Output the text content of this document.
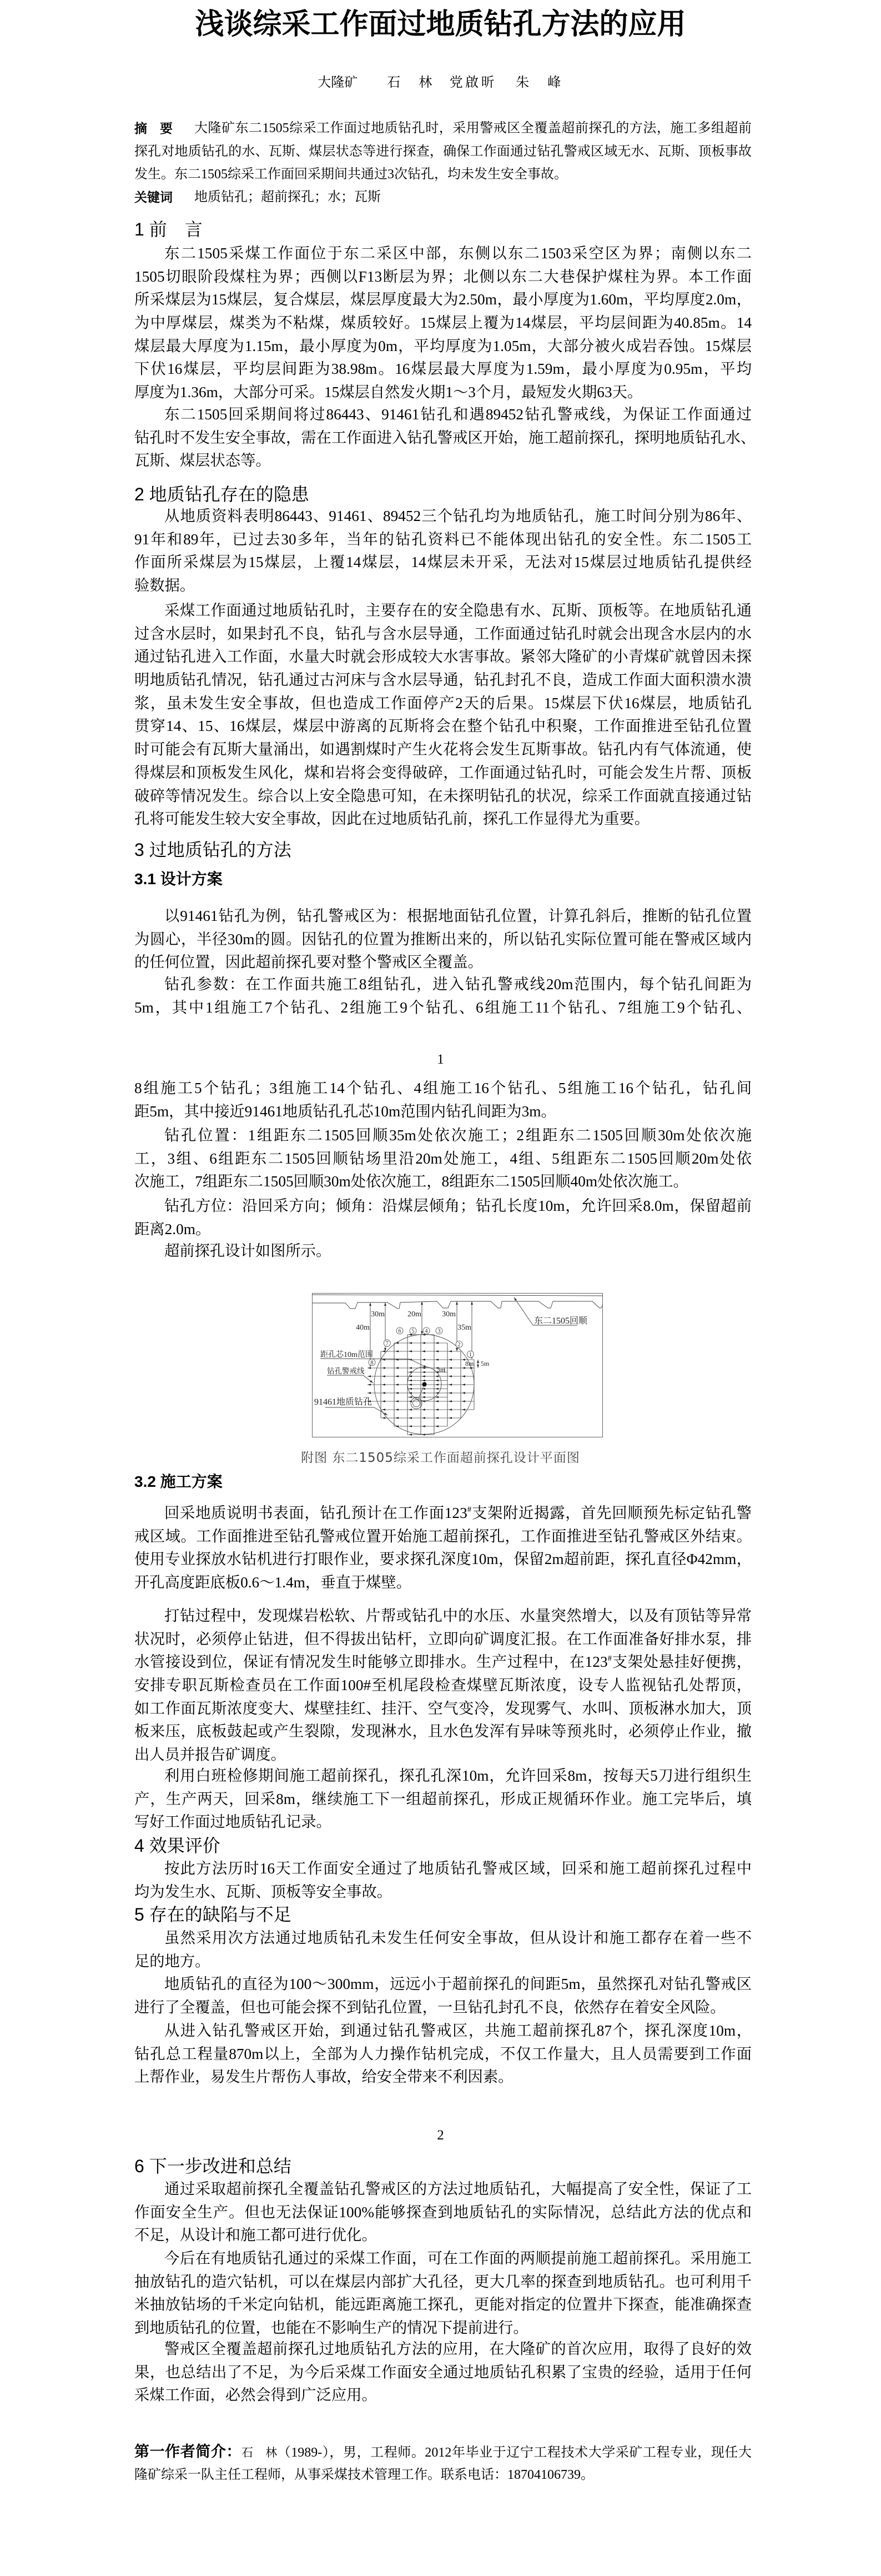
浅谈综采工作面过地质钻孔方法的应用
大隆矿 石　林 党啟昕 朱　峰
摘　要	大隆矿东二1505综采工作面过地质钻孔时，采用警戒区全覆盖超前探孔的方法，施工多组超前
探孔对地质钻孔的水、瓦斯、煤层状态等进行探查，确保工作面通过钻孔警戒区域无水、瓦斯、顶板事故
发生。东二1505综采工作面回采期间共通过3次钻孔，均未发生安全事故。
关键词	地质钻孔；超前探孔；水；瓦斯
1 前　言
东二1505采煤工作面位于东二采区中部，东侧以东二1503采空区为界；南侧以东二
1505切眼阶段煤柱为界；西侧以F13断层为界；北侧以东二大巷保护煤柱为界。本工作面
所采煤层为15煤层，复合煤层，煤层厚度最大为2.50m，最小厚度为1.60m，平均厚度2.0m，
为中厚煤层，煤类为不粘煤，煤质较好。15煤层上覆为14煤层，平均层间距为40.85m。14
煤层最大厚度为1.15m，最小厚度为0m，平均厚度为1.05m，大部分被火成岩吞蚀。15煤层
下伏16煤层，平均层间距为38.98m。16煤层最大厚度为1.59m，最小厚度为0.95m，平均
厚度为1.36m，大部分可采。15煤层自然发火期1～3个月，最短发火期63天。
东二1505回采期间将过86443、91461钻孔和遇89452钻孔警戒线，为保证工作面通过
钻孔时不发生安全事故，需在工作面进入钻孔警戒区开始，施工超前探孔，探明地质钻孔水、
瓦斯、煤层状态等。
2 地质钻孔存在的隐患
从地质资料表明86443、91461、89452三个钻孔均为地质钻孔，施工时间分别为86年、
91年和89年，已过去30多年，当年的钻孔资料已不能体现出钻孔的安全性。东二1505工
作面所采煤层为15煤层，上覆14煤层，14煤层未开采，无法对15煤层过地质钻孔提供经
验数据。
采煤工作面通过地质钻孔时，主要存在的安全隐患有水、瓦斯、顶板等。在地质钻孔通
过含水层时，如果封孔不良，钻孔与含水层导通，工作面通过钻孔时就会出现含水层内的水
通过钻孔进入工作面，水量大时就会形成较大水害事故。紧邻大隆矿的小青煤矿就曾因未探
明地质钻孔情况，钻孔通过古河床与含水层导通，钻孔封孔不良，造成工作面大面积溃水溃
浆，虽未发生安全事故，但也造成工作面停产2天的后果。15煤层下伏16煤层，地质钻孔
贯穿14、15、16煤层，煤层中游离的瓦斯将会在整个钻孔中积聚，工作面推进至钻孔位置
时可能会有瓦斯大量涌出，如遇割煤时产生火花将会发生瓦斯事故。钻孔内有气体流通，使
得煤层和顶板发生风化，煤和岩将会变得破碎，工作面通过钻孔时，可能会发生片帮、顶板
破碎等情况发生。综合以上安全隐患可知，在未探明钻孔的状况，综采工作面就直接通过钻
孔将可能发生较大安全事故，因此在过地质钻孔前，探孔工作显得尤为重要。
3 过地质钻孔的方法
3.1 设计方案
以91461钻孔为例，钻孔警戒区为：根据地面钻孔位置，计算孔斜后，推断的钻孔位置
为圆心，半径30m的圆。因钻孔的位置为推断出来的，所以钻孔实际位置可能在警戒区域内
的任何位置，因此超前探孔要对整个警戒区全覆盖。
钻孔参数：在工作面共施工8组钻孔，进入钻孔警戒线20m范围内，每个钻孔间距为
5m，其中1组施工7个钻孔、2组施工9个钻孔、6组施工11个钻孔、7组施工9个钻孔、
1
8组施工5个钻孔；3组施工14个钻孔、4组施工16个钻孔、5组施工16个钻孔，钻孔间
距5m，其中接近91461地质钻孔孔芯10m范围内钻孔间距为3m。
钻孔位置：1组距东二1505回顺35m处依次施工；2组距东二1505回顺30m处依次施
工，3组、6组距东二1505回顺钻场里沿20m处施工，4组、5组距东二1505回顺20m处依
次施工，7组距东二1505回顺30m处依次施工，8组距东二1505回顺40m处依次施工。
钻孔方位：沿回采方向；倾角：沿煤层倾角；钻孔长度10m，允许回采8.0m，保留超前
距离2.0m。
超前探孔设计如图所示。
40m
30m	20m	30m
35m
8m 5m
3m
东二1505回顺
距孔芯10m范围
钻孔警戒线
91461地质钻孔
1
2
3
4
5
6
7
8
附图 东二1505综采工作面超前探孔设计平面图
3.2 施工方案
回采地质说明书表面，钻孔预计在工作面123#支架附近揭露，首先回顺预先标定钻孔警
戒区域。工作面推进至钻孔警戒位置开始施工超前探孔，工作面推进至钻孔警戒区外结束。
使用专业探放水钻机进行打眼作业，要求探孔深度10m，保留2m超前距，探孔直径Φ42mm，
开孔高度距底板0.6～1.4m，垂直于煤壁。
打钻过程中，发现煤岩松软、片帮或钻孔中的水压、水量突然增大，以及有顶钻等异常
状况时，必须停止钻进，但不得拔出钻杆，立即向矿调度汇报。在工作面准备好排水泵，排
水管接设到位，保证有情况发生时能够立即排水。生产过程中，在123#支架处悬挂好便携，
安排专职瓦斯检查员在工作面100#至机尾段检查煤壁瓦斯浓度，设专人监视钻孔处帮顶，
如工作面瓦斯浓度变大、煤壁挂红、挂汗、空气变冷，发现雾气、水叫、顶板淋水加大，顶
板来压，底板鼓起或产生裂隙，发现淋水，且水色发浑有异味等预兆时，必须停止作业，撤
出人员并报告矿调度。
利用白班检修期间施工超前探孔，探孔孔深10m，允许回采8m，按每天5刀进行组织生
产，生产两天，回采8m，继续施工下一组超前探孔，形成正规循环作业。施工完毕后，填
写好工作面过地质钻孔记录。
4 效果评价
按此方法历时16天工作面安全通过了地质钻孔警戒区域，回采和施工超前探孔过程中
均为发生水、瓦斯、顶板等安全事故。
5 存在的缺陷与不足
虽然采用次方法通过地质钻孔未发生任何安全事故，但从设计和施工都存在着一些不
足的地方。
地质钻孔的直径为100～300mm，远远小于超前探孔的间距5m，虽然探孔对钻孔警戒区
进行了全覆盖，但也可能会探不到钻孔位置，一旦钻孔封孔不良，依然存在着安全风险。
从进入钻孔警戒区开始，到通过钻孔警戒区，共施工超前探孔87个，探孔深度10m，
钻孔总工程量870m以上，全部为人力操作钻机完成，不仅工作量大，且人员需要到工作面
上帮作业，易发生片帮伤人事故，给安全带来不利因素。
2
6 下一步改进和总结
通过采取超前探孔全覆盖钻孔警戒区的方法过地质钻孔，大幅提高了安全性，保证了工
作面安全生产。但也无法保证100%能够探查到地质钻孔的实际情况，总结此方法的优点和
不足，从设计和施工都可进行优化。
今后在有地质钻孔通过的采煤工作面，可在工作面的两顺提前施工超前探孔。采用施工
抽放钻孔的造穴钻机，可以在煤层内部扩大孔径，更大几率的探查到地质钻孔。也可利用千
米抽放钻场的千米定向钻机，能远距离施工探孔，更能对指定的位置井下探查，能准确探查
到地质钻孔的位置，也能在不影响生产的情况下提前进行。
警戒区全覆盖超前探孔过地质钻孔方法的应用，在大隆矿的首次应用，取得了良好的效
果，也总结出了不足，为今后采煤工作面安全通过地质钻孔积累了宝贵的经验，适用于任何
采煤工作面，必然会得到广泛应用。
第一作者简介：石　林（1989-），男，工程师。2012年毕业于辽宁工程技术大学采矿工程专业，现任大
隆矿综采一队主任工程师，从事采煤技术管理工作。联系电话：18704106739。
